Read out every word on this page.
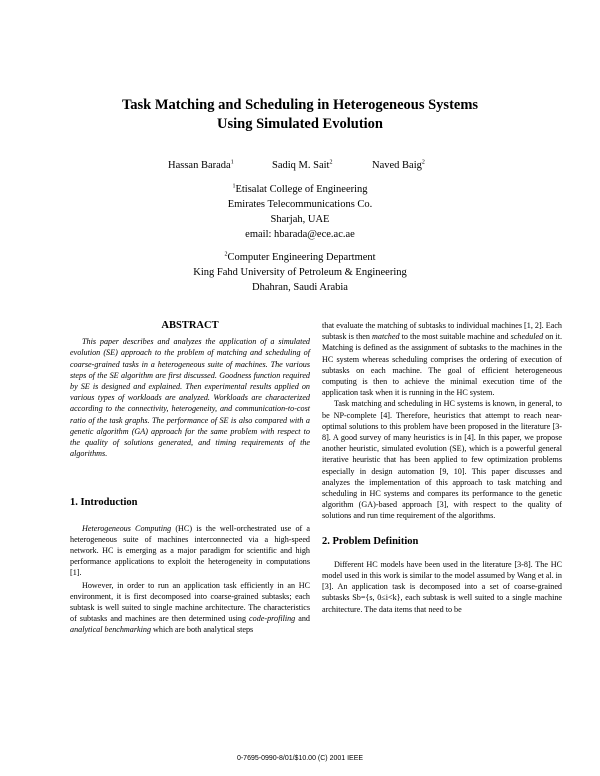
Task Matching and Scheduling in Heterogeneous Systems
Using Simulated Evolution
Hassan Barada$^1$	Sadiq M. Sait$^2$	Naved Baig$^2$
$^1$Etisalat College of Engineering
Emirates Telecommunications Co.
Sharjah, UAE
email: hbarada@ece.ac.ae
$^2$Computer Engineering Department
King Fahd University of Petroleum & Engineering
Dhahran, Saudi Arabia
ABSTRACT

This paper describes and analyzes the application of a simulated evolution (SE) approach to the problem of matching and scheduling of coarse-grained tasks in a heterogeneous suite of machines. The various steps of the SE algorithm are first discussed. Goodness function required by SE is designed and explained. Then experimental results applied on various types of workloads are analyzed. Workloads are characterized according to the connectivity, heterogeneity, and communication-to-cost ratio of the task graphs. The performance of SE is also compared with a genetic algorithm (GA) approach for the same problem with respect to the quality of solutions generated, and timing requirements of the algorithms.

1. Introduction

Heterogeneous Computing (HC) is the well-orchestrated use of a heterogeneous suite of machines interconnected via a high-speed network. HC is emerging as a major paradigm for scientific and high performance applications to exploit the heterogeneity in computations [1].

However, in order to run an application task efficiently in an HC environment, it is first decomposed into coarse-grained subtasks; each subtask is well suited to single machine architecture. The characteristics of subtasks and machines are then determined using code-profiling and analytical benchmarking which are both analytical steps

that evaluate the matching of subtasks to individual machines [1, 2]. Each subtask is then matched to the most suitable machine and scheduled on it. Matching is defined as the assignment of subtasks to the machines in the HC system whereas scheduling comprises the ordering of execution of subtasks on each machine. The goal of efficient heterogeneous computing is then to achieve the minimal execution time of the application task when it is running in the HC system.

Task matching and scheduling in HC systems is known, in general, to be NP-complete [4]. Therefore, heuristics that attempt to reach near-optimal solutions to this problem have been proposed in the literature [3-8]. A good survey of many heuristics is in [4]. In this paper, we propose another heuristic, simulated evolution (SE), which is a powerful general iterative heuristic that has been applied to few optimization problems especially in design automation [9, 10]. This paper discusses and analyzes the implementation of this approach to task matching and scheduling in HC systems and compares its performance to the genetic algorithm (GA)-based approach [3], with respect to the quality of solutions and run time requirement of the algorithms.

2. Problem Definition

Different HC models have been used in the literature [3-8]. The HC model used in this work is similar to the model assumed by Wang et al. in [3]. An application task is decomposed into a set of coarse-grained subtasks Sb={s, 0≤i<k}, each subtask is well suited to a single machine architecture. The data items that need to be

0-7695-0990-8/01/$10.00 (C) 2001 IEEE
